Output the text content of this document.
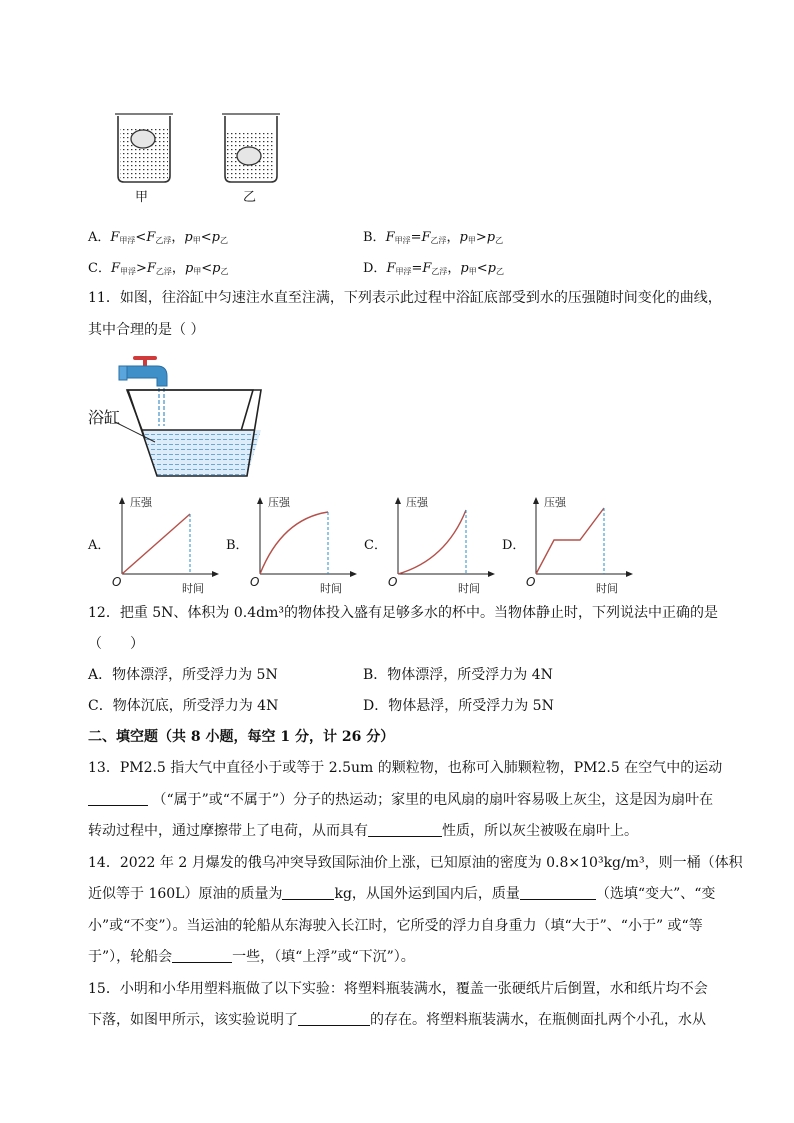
甲	乙
A．$F_{甲浮}<F_{乙浮}$，$p_甲<p_乙$	B．$F_{甲浮}=F_{乙浮}$，$p_甲>p_乙$
C．$F_{甲浮}>F_{乙浮}$，$p_甲<p_乙$	D．$F_{甲浮}=F_{乙浮}$，$p_甲<p_乙$
11．如图，往浴缸中匀速注水直至注满，下列表示此过程中浴缸底部受到水的压强随时间变化的曲线，
其中合理的是（ ）
浴缸
A．	B．	C．	D．
压强
时间
O
压强
时间
O
压强
时间
O
压强
时间
O
12．把重 5N、体积为 0.4dm³的物体投入盛有足够多水的杯中。当物体静止时，下列说法中正确的是
（　　）
A．物体漂浮，所受浮力为 5N	B．物体漂浮，所受浮力为 4N
C．物体沉底，所受浮力为 4N	D．物体悬浮，所受浮力为 5N
二、填空题（共 8 小题，每空 1 分，计 26 分）
13．PM2.5 指大气中直径小于或等于 2.5um 的颗粒物，也称可入肺颗粒物，PM2.5 在空气中的运动
（“属于”或“不属于”）分子的热运动；家里的电风扇的扇叶容易吸上灰尘，这是因为扇叶在
转动过程中，通过摩擦带上了电荷，从而具有	性质，所以灰尘被吸在扇叶上。
14．2022 年 2 月爆发的俄乌冲突导致国际油价上涨，已知原油的密度为 0.8×10³kg/m³，则一桶（体积
近似等于 160L）原油的质量为	kg，从国外运到国内后，质量	（选填“变大”、“变
小”或“不变”）。当运油的轮船从东海驶入长江时，它所受的浮力自身重力（填“大于”、“小于” 或“等
于”），轮船会	一些，（填“上浮”或“下沉”）。
15．小明和小华用塑料瓶做了以下实验：将塑料瓶装满水，覆盖一张硬纸片后倒置，水和纸片均不会
下落，如图甲所示，该实验说明了	的存在。将塑料瓶装满水，在瓶侧面扎两个小孔，水从
